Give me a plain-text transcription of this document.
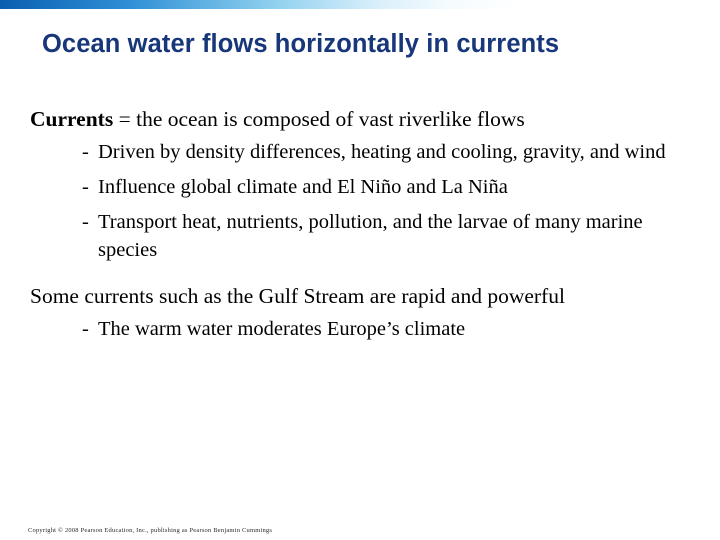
Ocean water flows horizontally in currents

Currents = the ocean is composed of vast riverlike flows

- Driven by density differences, heating and cooling, gravity, and wind

- Influence global climate and El Niño and La Niña

- Transport heat, nutrients, pollution, and the larvae of many marine species

Some currents such as the Gulf Stream are rapid and powerful

- The warm water moderates Europe’s climate

Copyright © 2008 Pearson Education, Inc., publishing as Pearson Benjamin Cummings
